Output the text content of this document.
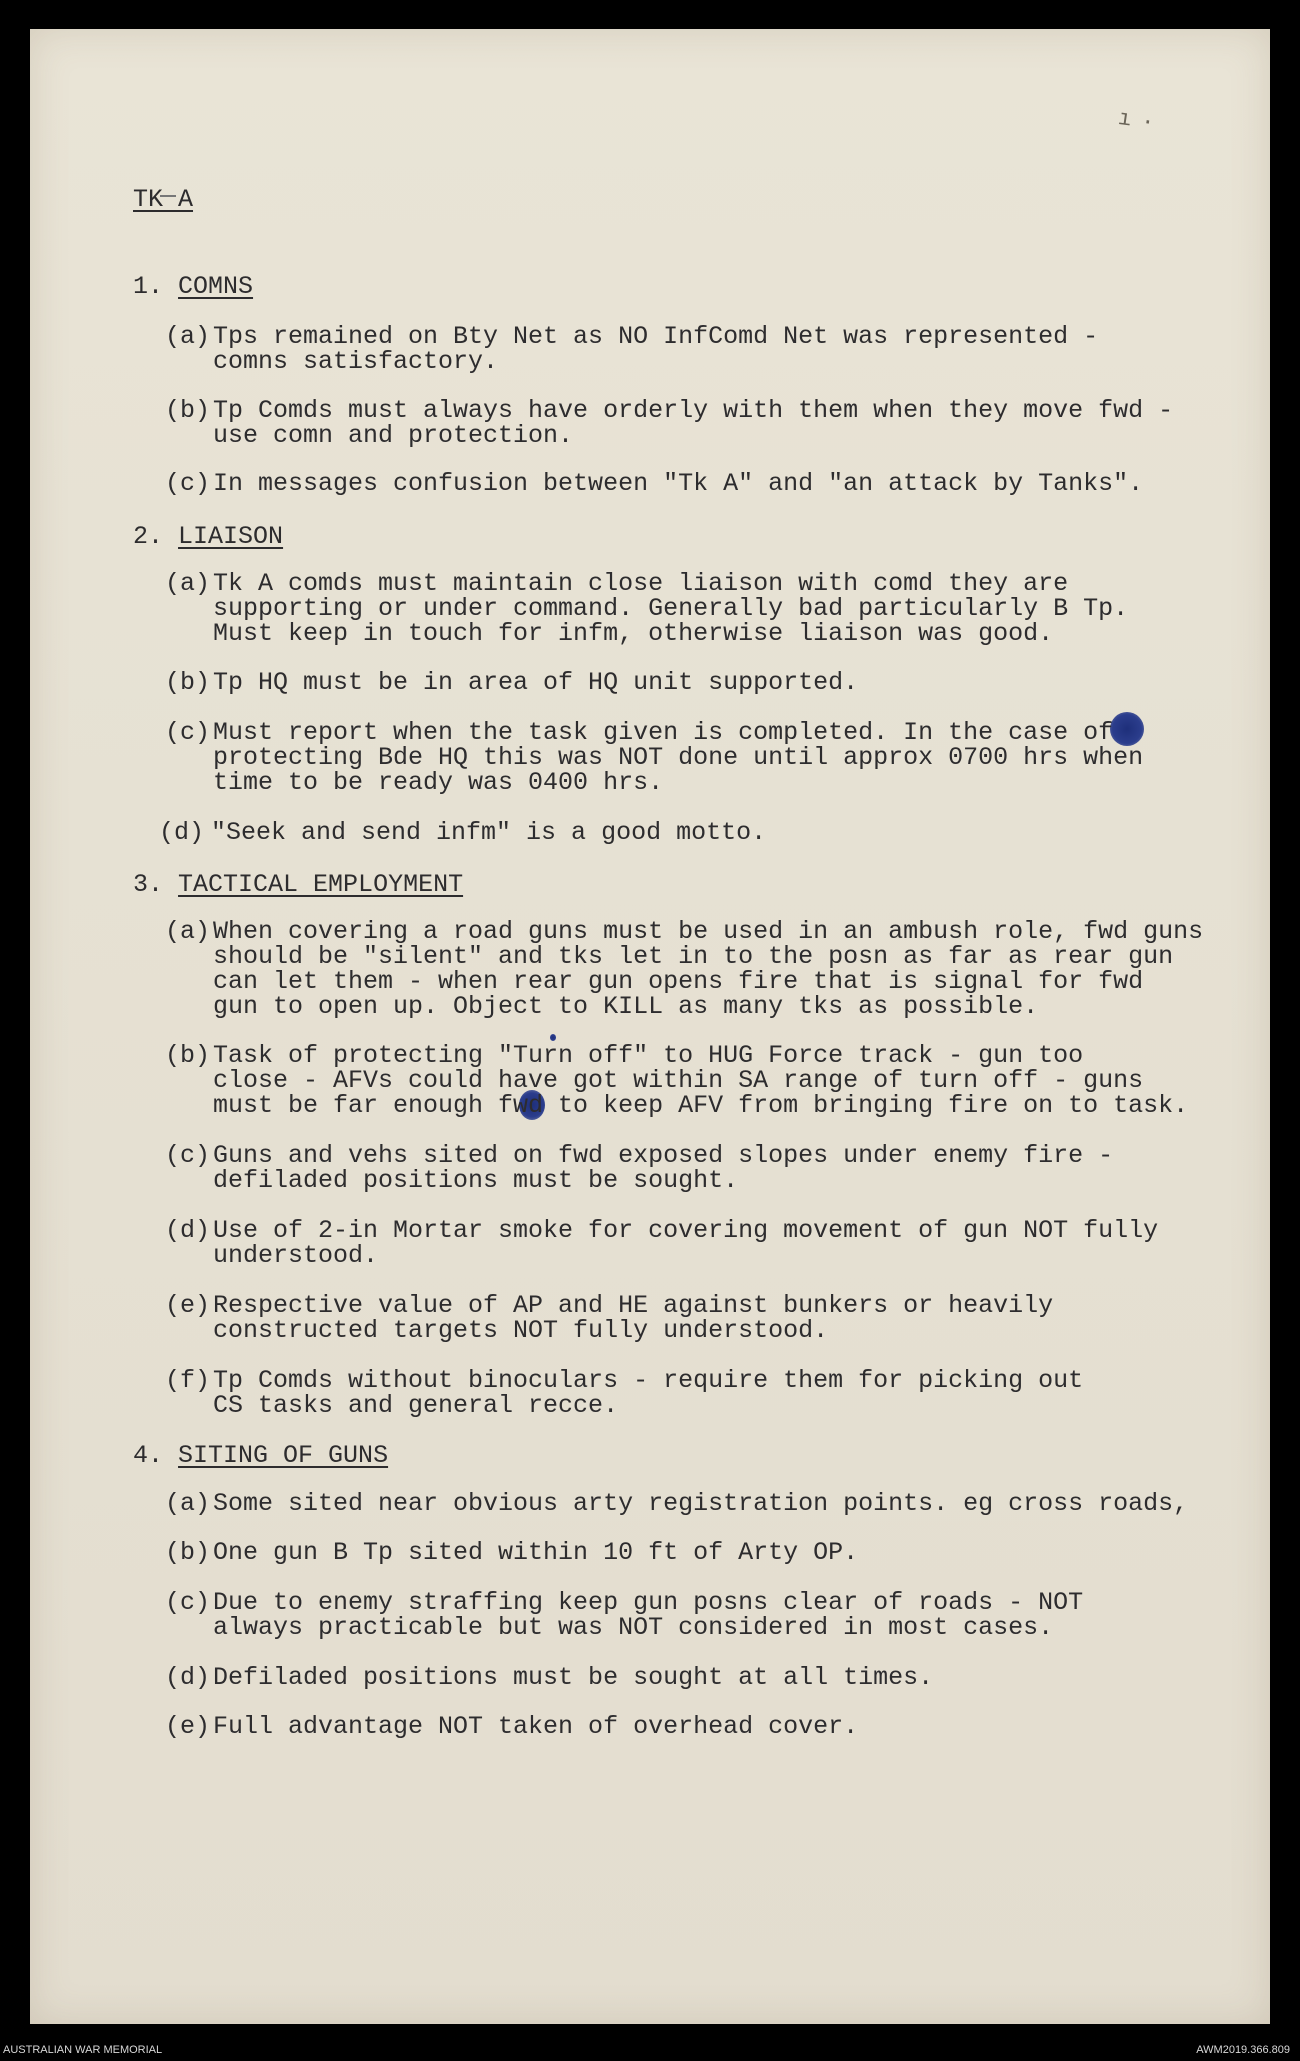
ı·
TK A
1. COMNS
(a) Tps remained on Bty Net as NO InfComd Net was represented -
comns satisfactory.
(b) Tp Comds must always have orderly with them when they move fwd -
use comn and protection.
(c) In messages confusion between "Tk A" and "an attack by Tanks".
2. LIAISON
(a) Tk A comds must maintain close liaison with comd they are
supporting or under command. Generally bad particularly B Tp.
Must keep in touch for infm, otherwise liaison was good.
(b) Tp HQ must be in area of HQ unit supported.
(c) Must report when the task given is completed. In the case of
protecting Bde HQ this was NOT done until approx 0700 hrs when
time to be ready was 0400 hrs.
(d) "Seek and send infm" is a good motto.
3. TACTICAL EMPLOYMENT
(a) When covering a road guns must be used in an ambush role, fwd guns
should be "silent" and tks let in to the posn as far as rear gun
can let them - when rear gun opens fire that is signal for fwd
gun to open up. Object to KILL as many tks as possible.
(b) Task of protecting "Turn off" to HUG Force track - gun too
close - AFVs could have got within SA range of turn off - guns
must be far enough fwd to keep AFV from bringing fire on to task.
(c) Guns and vehs sited on fwd exposed slopes under enemy fire -
defiladed positions must be sought.
(d) Use of 2-in Mortar smoke for covering movement of gun NOT fully
understood.
(e) Respective value of AP and HE against bunkers or heavily
constructed targets NOT fully understood.
(f) Tp Comds without binoculars - require them for picking out
CS tasks and general recce.
4. SITING OF GUNS
(a) Some sited near obvious arty registration points. eg cross roads,
(b) One gun B Tp sited within 10 ft of Arty OP.
(c) Due to enemy straffing keep gun posns clear of roads - NOT
always practicable but was NOT considered in most cases.
(d) Defiladed positions must be sought at all times.
(e) Full advantage NOT taken of overhead cover.
AUSTRALIAN WAR MEMORIAL	AWM2019.366.809
